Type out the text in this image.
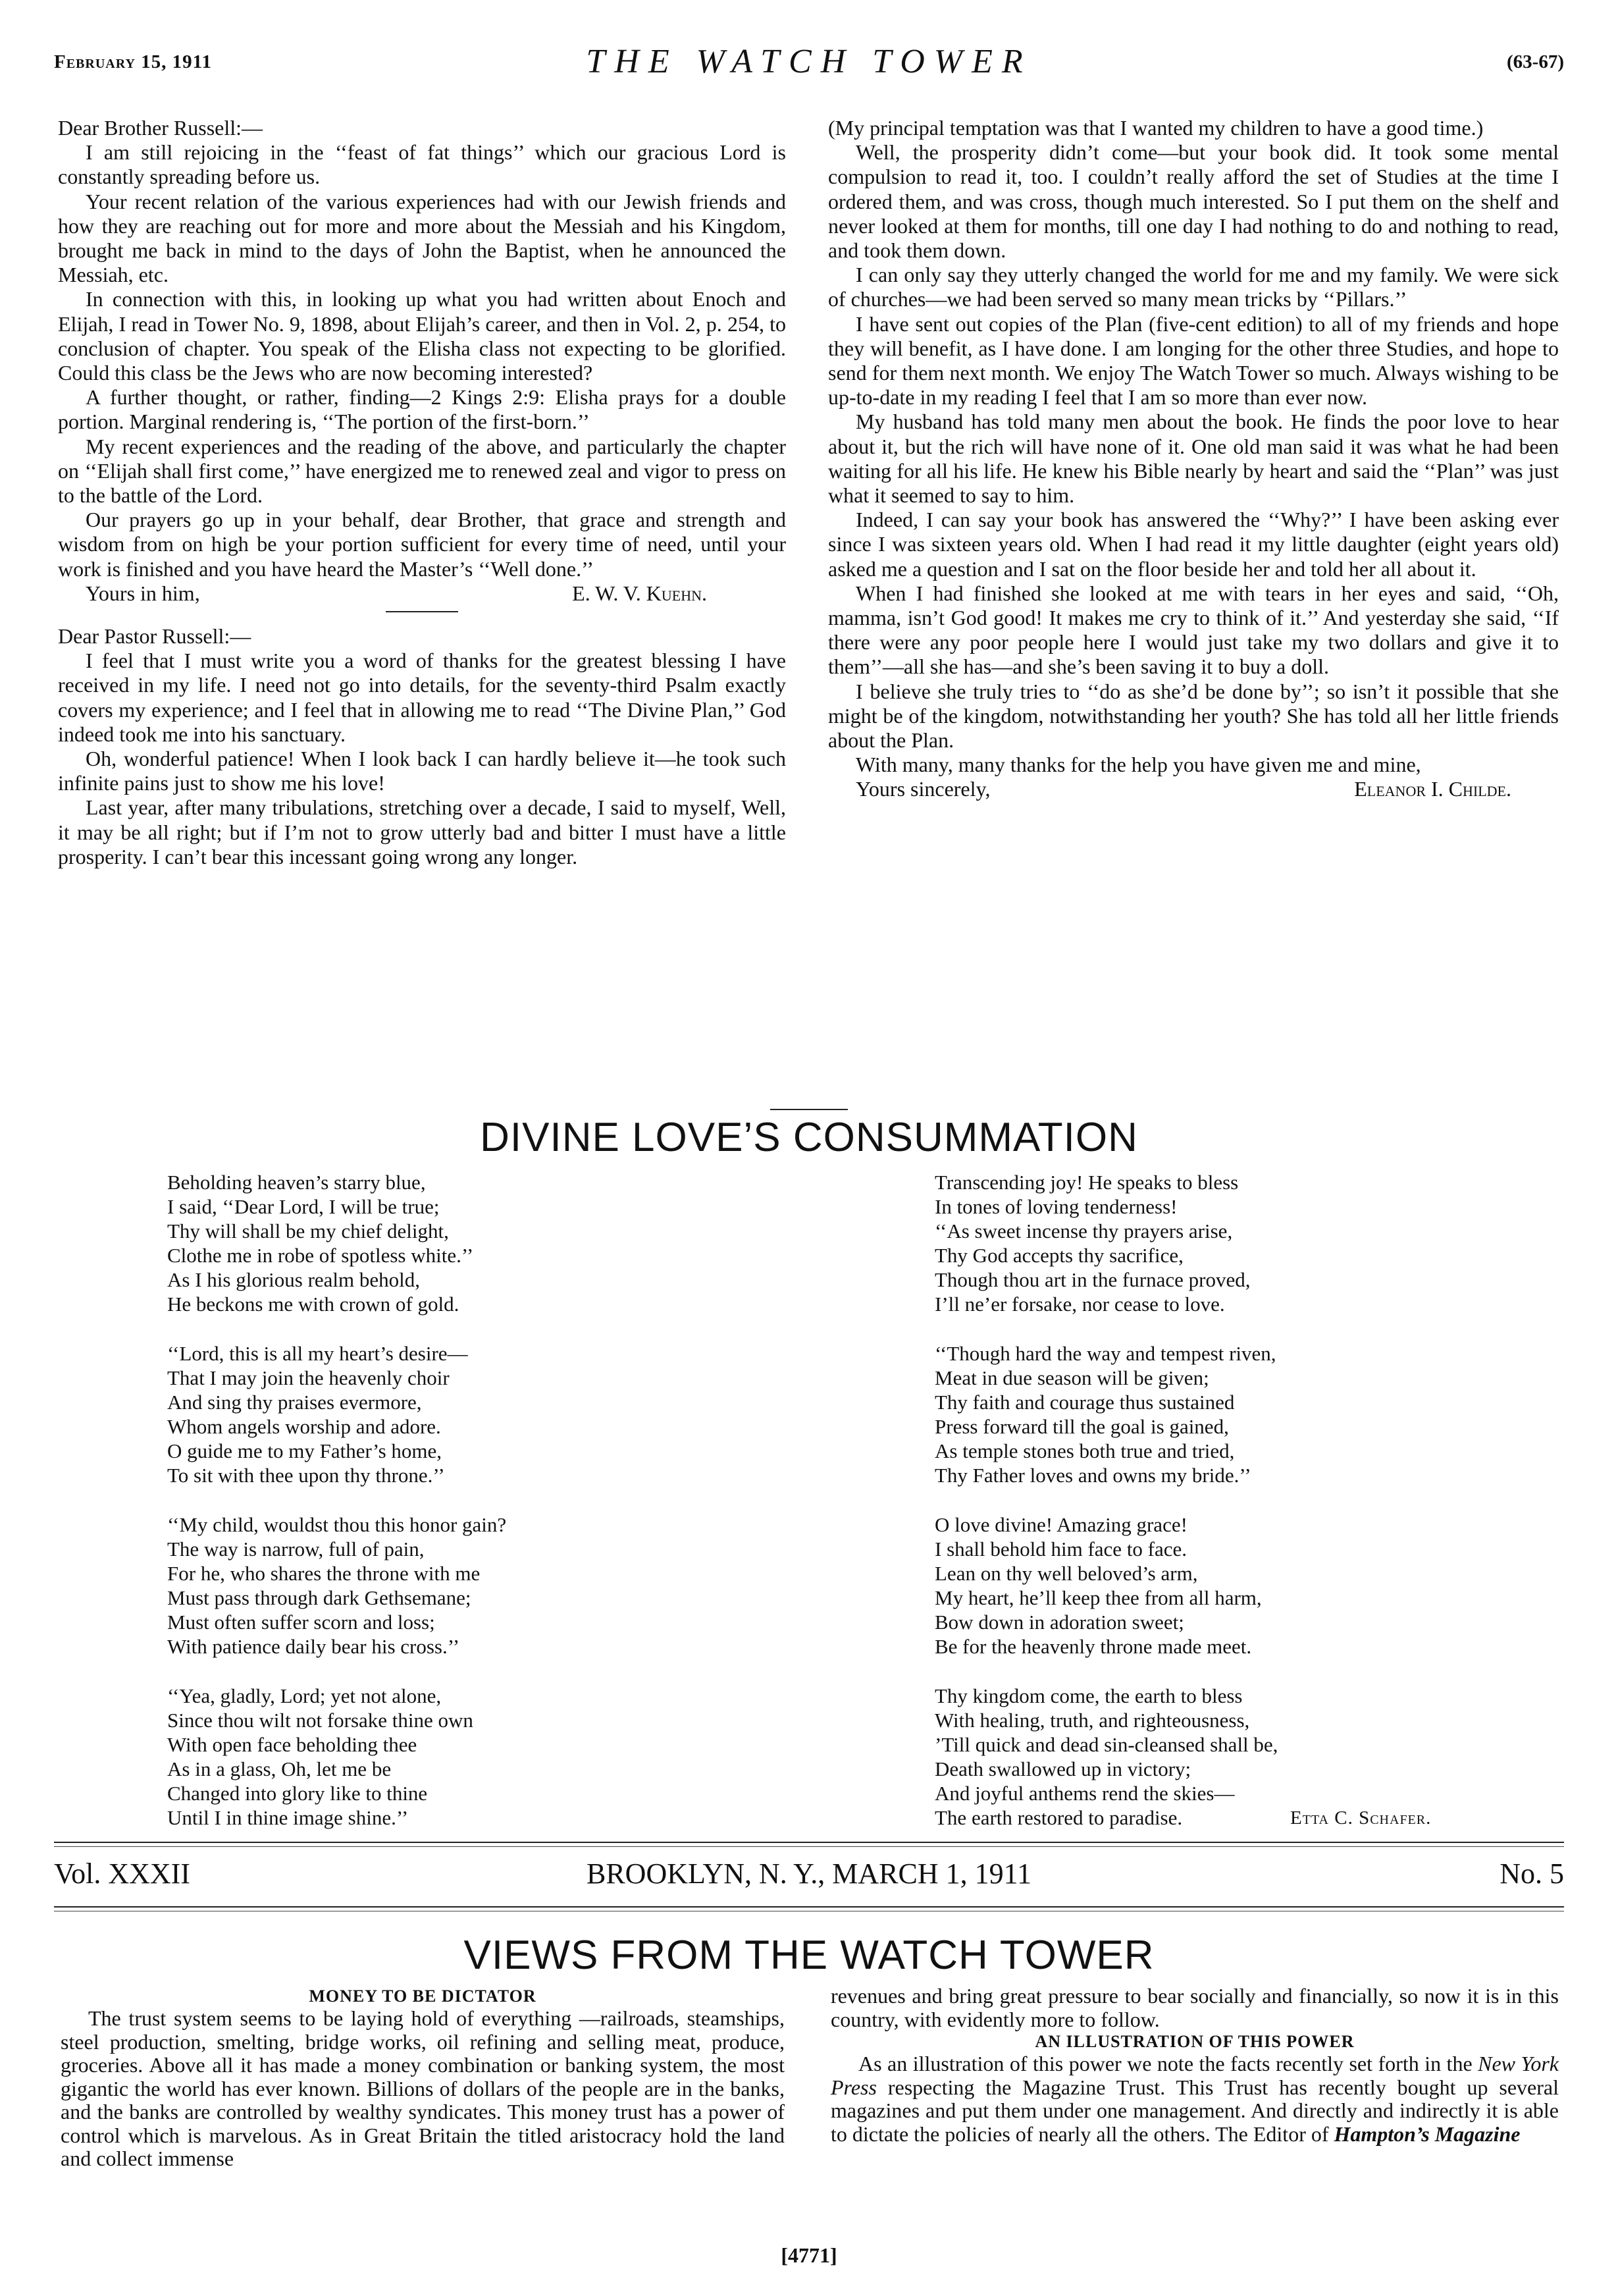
February 15, 1911	THE WATCH TOWER	(63-67)

Dear Brother Russell:—

I am still rejoicing in the ‘‘feast of fat things’’ which our gracious Lord is constantly spreading before us.

Your recent relation of the various experiences had with our Jewish friends and how they are reaching out for more and more about the Messiah and his Kingdom, brought me back in mind to the days of John the Baptist, when he announced the Messiah, etc.

In connection with this, in looking up what you had written about Enoch and Elijah, I read in Tower No. 9, 1898, about Elijah’s career, and then in Vol. 2, p. 254, to conclusion of chapter. You speak of the Elisha class not expecting to be glorified. Could this class be the Jews who are now becoming interested?

A further thought, or rather, finding—2 Kings 2:9: Elisha prays for a double portion. Marginal rendering is, ‘‘The portion of the first-born.’’

My recent experiences and the reading of the above, and particularly the chapter on ‘‘Elijah shall first come,’’ have energized me to renewed zeal and vigor to press on to the battle of the Lord.

Our prayers go up in your behalf, dear Brother, that grace and strength and wisdom from on high be your portion sufficient for every time of need, until your work is finished and you have heard the Master’s ‘‘Well done.’’

Yours in him,	E. W. V. Kuehn.

Dear Pastor Russell:—

I feel that I must write you a word of thanks for the greatest blessing I have received in my life. I need not go into details, for the seventy-third Psalm exactly covers my experience; and I feel that in allowing me to read ‘‘The Divine Plan,’’ God indeed took me into his sanctuary.

Oh, wonderful patience! When I look back I can hardly believe it—he took such infinite pains just to show me his love!

Last year, after many tribulations, stretching over a decade, I said to myself, Well, it may be all right; but if I’m not to grow utterly bad and bitter I must have a little prosperity. I can’t bear this incessant going wrong any longer.

(My principal temptation was that I wanted my children to have a good time.)

Well, the prosperity didn’t come—but your book did. It took some mental compulsion to read it, too. I couldn’t really afford the set of Studies at the time I ordered them, and was cross, though much interested. So I put them on the shelf and never looked at them for months, till one day I had nothing to do and nothing to read, and took them down.

I can only say they utterly changed the world for me and my family. We were sick of churches—we had been served so many mean tricks by ‘‘Pillars.’’

I have sent out copies of the Plan (five-cent edition) to all of my friends and hope they will benefit, as I have done. I am longing for the other three Studies, and hope to send for them next month. We enjoy The Watch Tower so much. Always wishing to be up-to-date in my reading I feel that I am so more than ever now.

My husband has told many men about the book. He finds the poor love to hear about it, but the rich will have none of it. One old man said it was what he had been waiting for all his life. He knew his Bible nearly by heart and said the ‘‘Plan’’ was just what it seemed to say to him.

Indeed, I can say your book has answered the ‘‘Why?’’ I have been asking ever since I was sixteen years old. When I had read it my little daughter (eight years old) asked me a question and I sat on the floor beside her and told her all about it.

When I had finished she looked at me with tears in her eyes and said, ‘‘Oh, mamma, isn’t God good! It makes me cry to think of it.’’ And yesterday she said, ‘‘If there were any poor people here I would just take my two dollars and give it to them’’—all she has—and she’s been saving it to buy a doll.

I believe she truly tries to ‘‘do as she’d be done by’’; so isn’t it possible that she might be of the kingdom, notwithstanding her youth? She has told all her little friends about the Plan.

With many, many thanks for the help you have given me and mine,

Yours sincerely,	Eleanor I. Childe.
DIVINE LOVE’S CONSUMMATION
Beholding heaven’s starry blue,
I said, ‘‘Dear Lord, I will be true;
Thy will shall be my chief delight,
Clothe me in robe of spotless white.’’
As I his glorious realm behold,
He beckons me with crown of gold.
‘‘Lord, this is all my heart’s desire—
That I may join the heavenly choir
And sing thy praises evermore,
Whom angels worship and adore.
O guide me to my Father’s home,
To sit with thee upon thy throne.’’
‘‘My child, wouldst thou this honor gain?
The way is narrow, full of pain,
For he, who shares the throne with me
Must pass through dark Gethsemane;
Must often suffer scorn and loss;
With patience daily bear his cross.’’
‘‘Yea, gladly, Lord; yet not alone,
Since thou wilt not forsake thine own
With open face beholding thee
As in a glass, Oh, let me be
Changed into glory like to thine
Until I in thine image shine.’’
Transcending joy! He speaks to bless
In tones of loving tenderness!
‘‘As sweet incense thy prayers arise,
Thy God accepts thy sacrifice,
Though thou art in the furnace proved,
I’ll ne’er forsake, nor cease to love.
‘‘Though hard the way and tempest riven,
Meat in due season will be given;
Thy faith and courage thus sustained
Press forward till the goal is gained,
As temple stones both true and tried,
Thy Father loves and owns my bride.’’
O love divine! Amazing grace!
I shall behold him face to face.
Lean on thy well beloved’s arm,
My heart, he’ll keep thee from all harm,
Bow down in adoration sweet;
Be for the heavenly throne made meet.
Thy kingdom come, the earth to bless
With healing, truth, and righteousness,
’Till quick and dead sin-cleansed shall be,
Death swallowed up in victory;
And joyful anthems rend the skies—
The earth restored to paradise.	Etta C. Schafer.
Vol. XXXII	BROOKLYN, N. Y., MARCH 1, 1911	No. 5
VIEWS FROM THE WATCH TOWER

MONEY TO BE DICTATOR

The trust system seems to be laying hold of everything —railroads, steamships, steel production, smelting, bridge works, oil refining and selling meat, produce, groceries. Above all it has made a money combination or banking system, the most gigantic the world has ever known. Billions of dollars of the people are in the banks, and the banks are controlled by wealthy syndicates. This money trust has a power of control which is marvelous. As in Great Britain the titled aristocracy hold the land and collect immense

revenues and bring great pressure to bear socially and financially, so now it is in this country, with evidently more to follow.

AN ILLUSTRATION OF THIS POWER

As an illustration of this power we note the facts recently set forth in the New York Press respecting the Magazine Trust. This Trust has recently bought up several magazines and put them under one management. And directly and indirectly it is able to dictate the policies of nearly all the others. The Editor of Hampton’s Magazine

[4771]
